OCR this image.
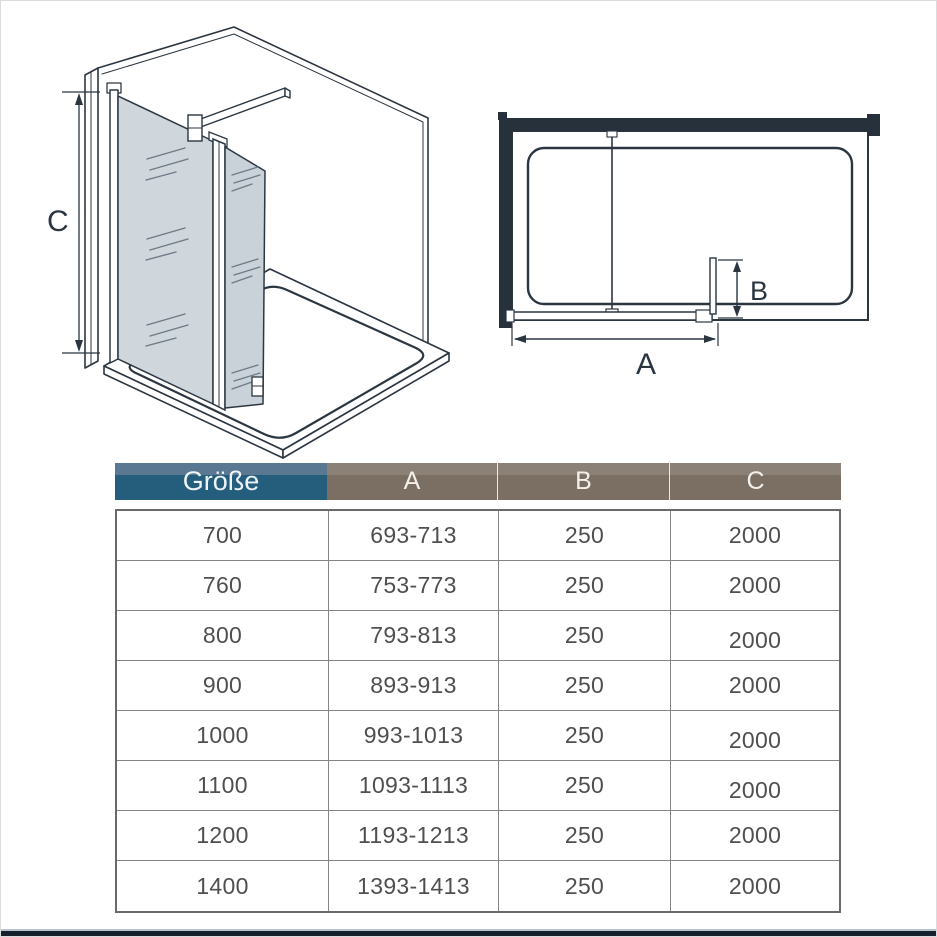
C
B
A
Größe	A	B	C
700	693-713	250	2000
760	753-773	250	2000
800	793-813	250	2000
900	893-913	250	2000
1000	993-1013	250	2000
1100	1093-1113	250	2000
1200	1193-1213	250	2000
1400	1393-1413	250	2000
